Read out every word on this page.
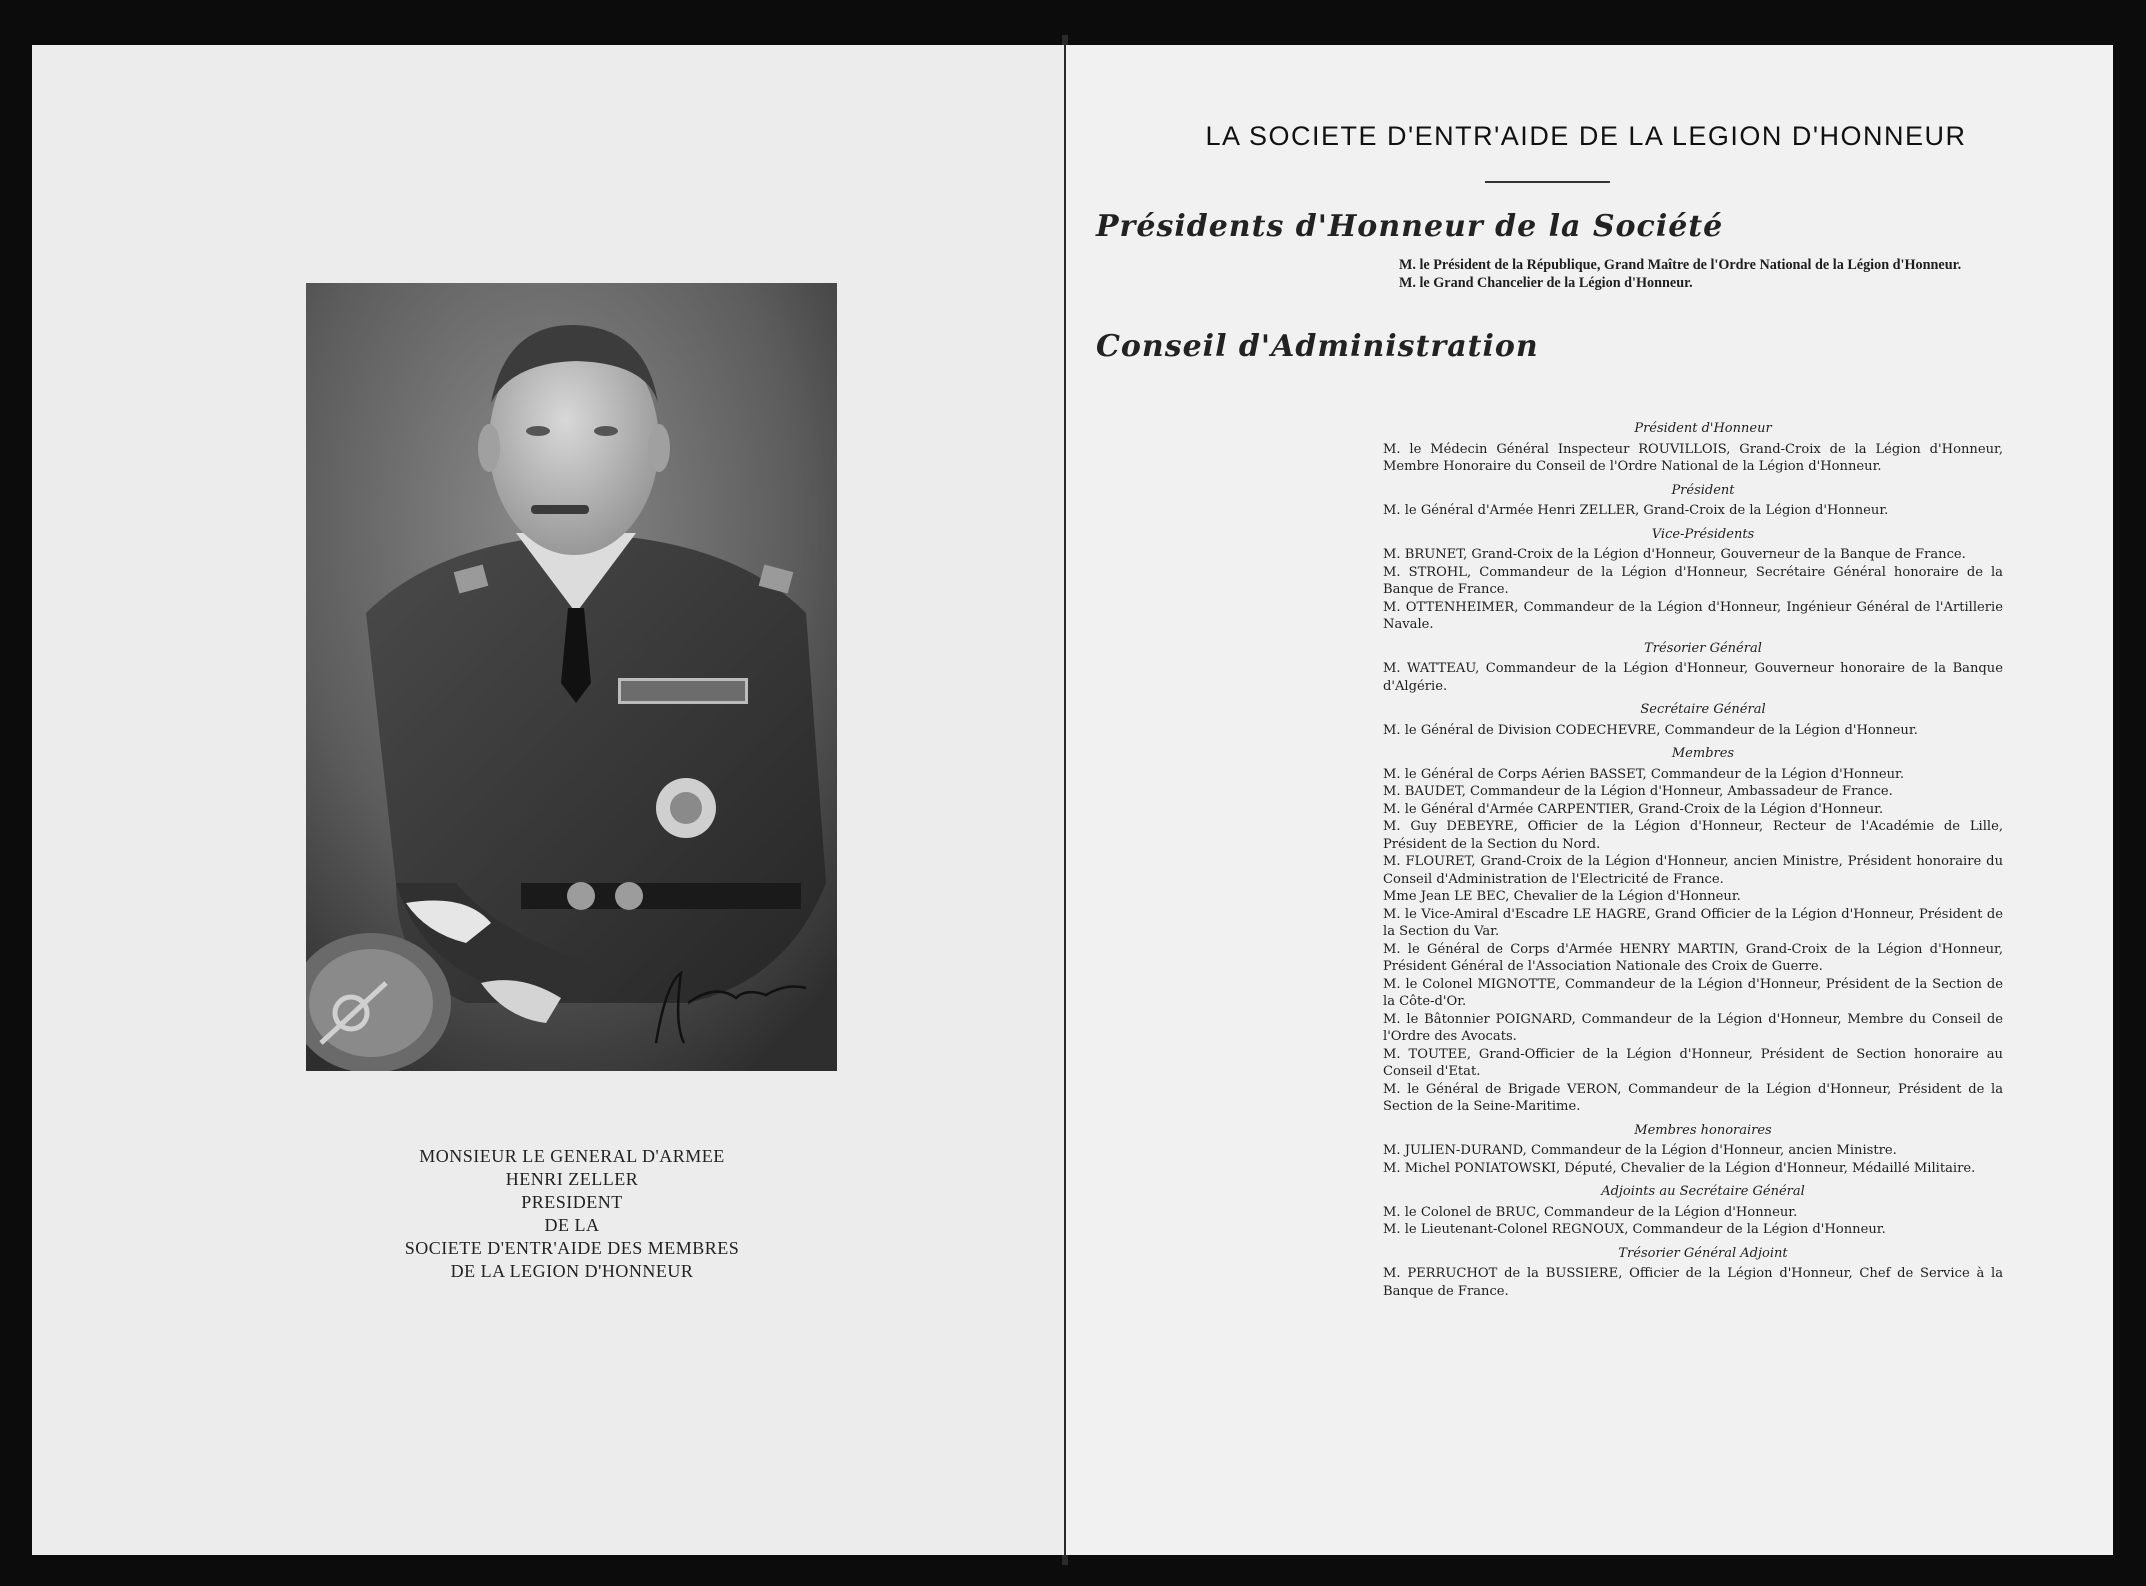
MONSIEUR LE GENERAL D'ARMEE
HENRI ZELLER
PRESIDENT
DE LA
SOCIETE D'ENTR'AIDE DES MEMBRES
DE LA LEGION D'HONNEUR
LA SOCIETE D'ENTR'AIDE DE LA LEGION D'HONNEUR
Présidents d'Honneur de la Société

M. le Président de la République, Grand Maître de l'Ordre National de la Légion d'Honneur.

M. le Grand Chancelier de la Légion d'Honneur.

Conseil d'Administration
Président d'Honneur

M. le Médecin Général Inspecteur ROUVILLOIS, Grand-Croix de la Légion d'Honneur, Membre Honoraire du Conseil de l'Ordre National de la Légion d'Honneur.

Président

M. le Général d'Armée Henri ZELLER, Grand-Croix de la Légion d'Honneur.

Vice-Présidents

M. BRUNET, Grand-Croix de la Légion d'Honneur, Gouverneur de la Banque de France.

M. STROHL, Commandeur de la Légion d'Honneur, Secrétaire Général honoraire de la Banque de France.

M. OTTENHEIMER, Commandeur de la Légion d'Honneur, Ingénieur Général de l'Artillerie Navale.

Trésorier Général

M. WATTEAU, Commandeur de la Légion d'Honneur, Gouverneur honoraire de la Banque d'Algérie.

Secrétaire Général

M. le Général de Division CODECHEVRE, Commandeur de la Légion d'Honneur.

Membres

M. le Général de Corps Aérien BASSET, Commandeur de la Légion d'Honneur.

M. BAUDET, Commandeur de la Légion d'Honneur, Ambassadeur de France.

M. le Général d'Armée CARPENTIER, Grand-Croix de la Légion d'Honneur.

M. Guy DEBEYRE, Officier de la Légion d'Honneur, Recteur de l'Académie de Lille, Président de la Section du Nord.

M. FLOURET, Grand-Croix de la Légion d'Honneur, ancien Ministre, Président honoraire du Conseil d'Administration de l'Electricité de France.

Mme Jean LE BEC, Chevalier de la Légion d'Honneur.

M. le Vice-Amiral d'Escadre LE HAGRE, Grand Officier de la Légion d'Honneur, Président de la Section du Var.

M. le Général de Corps d'Armée HENRY MARTIN, Grand-Croix de la Légion d'Honneur, Président Général de l'Association Nationale des Croix de Guerre.

M. le Colonel MIGNOTTE, Commandeur de la Légion d'Honneur, Président de la Section de la Côte-d'Or.

M. le Bâtonnier POIGNARD, Commandeur de la Légion d'Honneur, Membre du Conseil de l'Ordre des Avocats.

M. TOUTEE, Grand-Officier de la Légion d'Honneur, Président de Section honoraire au Conseil d'Etat.

M. le Général de Brigade VERON, Commandeur de la Légion d'Honneur, Président de la Section de la Seine-Maritime.

Membres honoraires

M. JULIEN-DURAND, Commandeur de la Légion d'Honneur, ancien Ministre.

M. Michel PONIATOWSKI, Député, Chevalier de la Légion d'Honneur, Médaillé Militaire.

Adjoints au Secrétaire Général

M. le Colonel de BRUC, Commandeur de la Légion d'Honneur.

M. le Lieutenant-Colonel REGNOUX, Commandeur de la Légion d'Honneur.

Trésorier Général Adjoint

M. PERRUCHOT de la BUSSIERE, Officier de la Légion d'Honneur, Chef de Service à la Banque de France.
